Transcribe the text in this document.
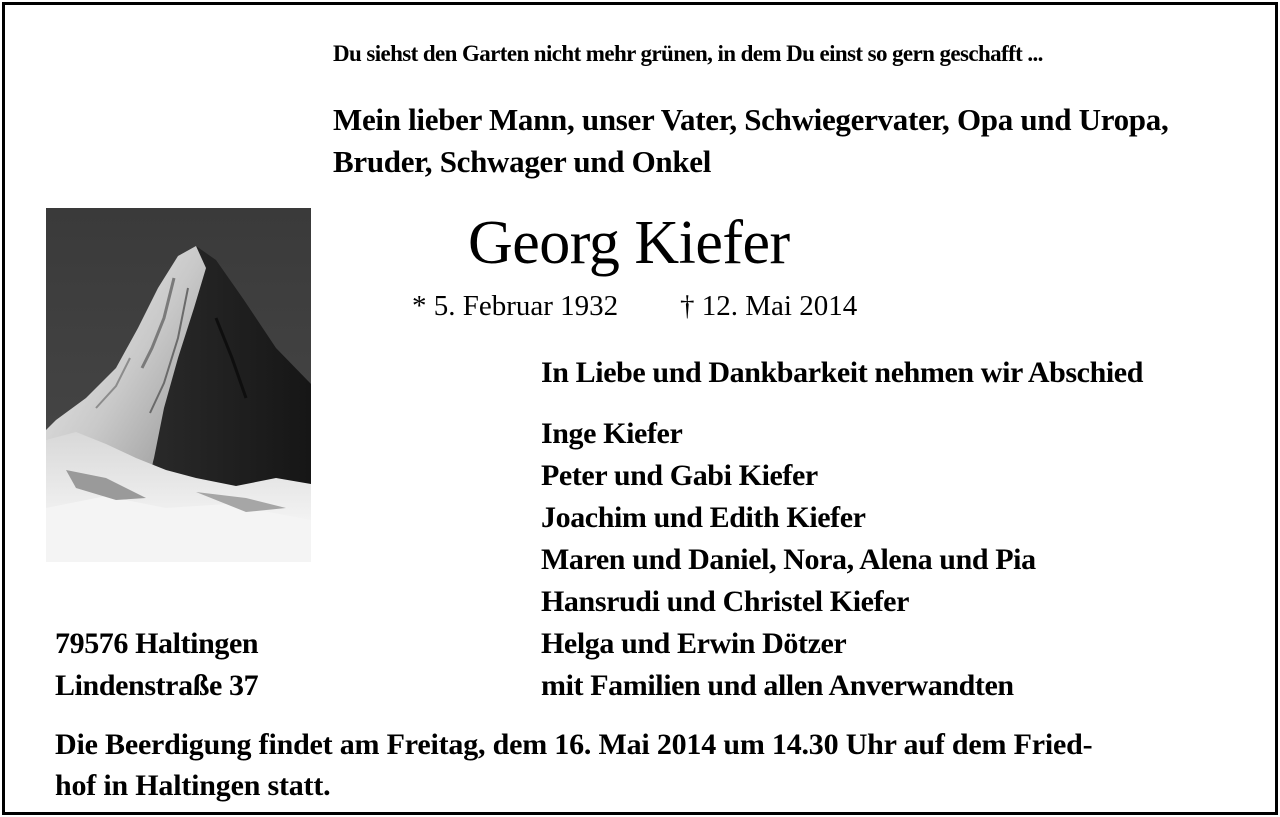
Du siehst den Garten nicht mehr grünen, in dem Du einst so gern geschafft ...
Mein lieber Mann, unser Vater, Schwiegervater, Opa und Uropa,
Bruder, Schwager und Onkel
Georg Kiefer
* 5. Februar 1932 † 12. Mai 2014
In Liebe und Dankbarkeit nehmen wir Abschied
Inge Kiefer
Peter und Gabi Kiefer
Joachim und Edith Kiefer
Maren und Daniel, Nora, Alena und Pia
Hansrudi und Christel Kiefer
Helga und Erwin Dötzer
mit Familien und allen Anverwandten
79576 Haltingen
Lindenstraße 37
Die Beerdigung findet am Freitag, dem 16. Mai 2014 um 14.30 Uhr auf dem Fried-
hof in Haltingen statt.
